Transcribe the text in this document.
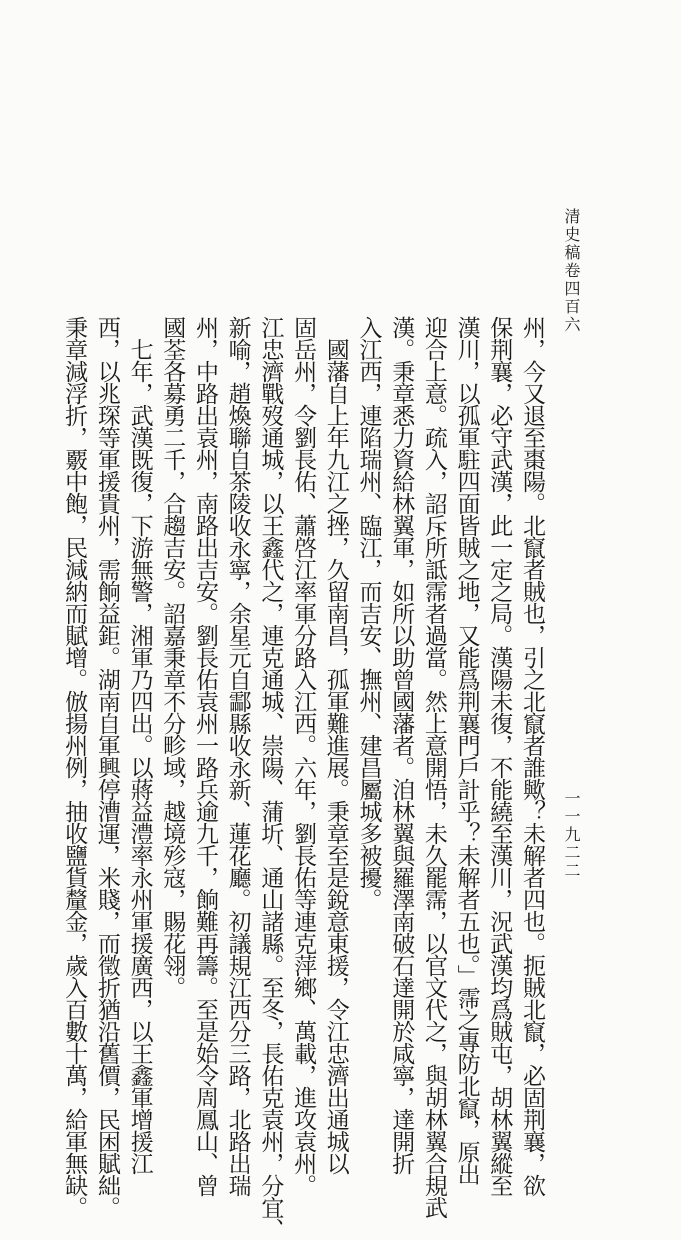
清史稿卷四百六
一一九二二
州，今又退至棗陽。北竄者賊也，引之北竄者誰歟？未解者四也。扼賊北竄，必固荆襄，欲
保荆襄，必守武漢，此一定之局。漢陽未復，不能繞至漢川，況武漢均爲賊屯，胡林翼縱至
漢川，以孤軍駐四面皆賊之地，又能爲荆襄門戶計乎？未解者五也。」霈之專防北竄，原出
迎合上意。疏入，詔斥所詆霈者過當。然上意開悟，未久罷霈，以官文代之，與胡林翼合規武
漢。秉章悉力資給林翼軍，如所以助曾國藩者。洎林翼與羅澤南破石達開於咸寧，達開折
入江西，連陷瑞州、臨江，而吉安、撫州、建昌屬城多被擾。
　國藩自上年九江之挫，久留南昌，孤軍難進展。秉章至是銳意東援，令江忠濟出通城以
固岳州，令劉長佑、蕭啓江率軍分路入江西。六年，劉長佑等連克萍鄉、萬載，進攻袁州。
江忠濟戰歿通城，以王鑫代之，連克通城、崇陽、蒲圻、通山諸縣。至冬，長佑克袁州，分宜、
新喻，趙煥聯自茶陵收永寧，余星元自酃縣收永新、蓮花廳。初議規江西分三路，北路出瑞
州，中路出袁州，南路出吉安。劉長佑袁州一路兵逾九千，餉難再籌。至是始令周鳳山、曾
國荃各募勇二千，合趨吉安。詔嘉秉章不分畛域，越境殄寇，賜花翎。
　七年，武漢既復，下游無警，湘軍乃四出。以蔣益澧率永州軍援廣西，以王鑫軍增援江
西，以兆琛等軍援貴州，需餉益鉅。湖南自軍興停漕運，米賤，而徵折猶沿舊價，民困賦絀。
秉章減浮折，覈中飽，民減納而賦增。倣揚州例，抽收鹽貨釐金，歲入百數十萬，給軍無缺。
